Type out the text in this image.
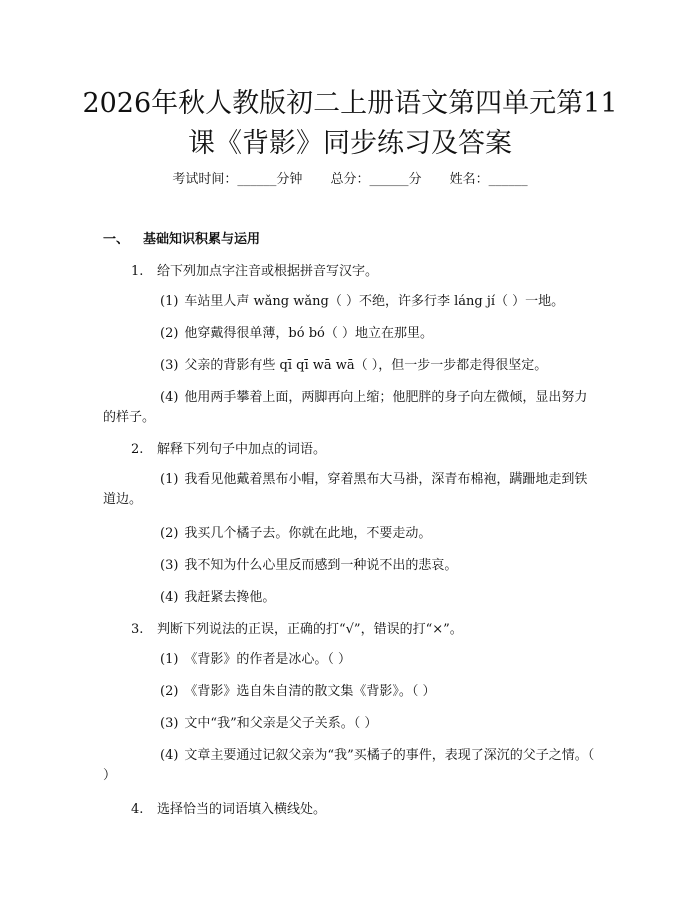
2026年秋人教版初二上册语文第四单元第11
课《背影》同步练习及答案
考试时间：______分钟 总分：______分 姓名：______
一、 基础知识积累与运用
1. 给下列加点字注音或根据拼音写汉字。
(1) 车站里人声 wǎng wǎng（ ）不绝，许多行李 láng jí（ ）一地。
(2) 他穿戴得很单薄，bó bó（ ）地立在那里。
(3) 父亲的背影有些 qī qī wā wā（ ），但一步一步都走得很坚定。
(4) 他用两手攀着上面，两脚再向上缩；他肥胖的身子向左微倾，显出努力的样子。
2. 解释下列句子中加点的词语。
(1) 我看见他戴着黑布小帽，穿着黑布大马褂，深青布棉袍，蹒跚地走到铁道边。
(2) 我买几个橘子去。你就在此地，不要走动。
(3) 我不知为什么心里反而感到一种说不出的悲哀。
(4) 我赶紧去搀他。
3. 判断下列说法的正误，正确的打“√”，错误的打“×”。
(1) 《背影》的作者是冰心。（ ）
(2) 《背影》选自朱自清的散文集《背影》。（ ）
(3) 文中“我”和父亲是父子关系。（ ）
(4) 文章主要通过记叙父亲为“我”买橘子的事件，表现了深沉的父子之情。（ ）
4. 选择恰当的词语填入横线处。
